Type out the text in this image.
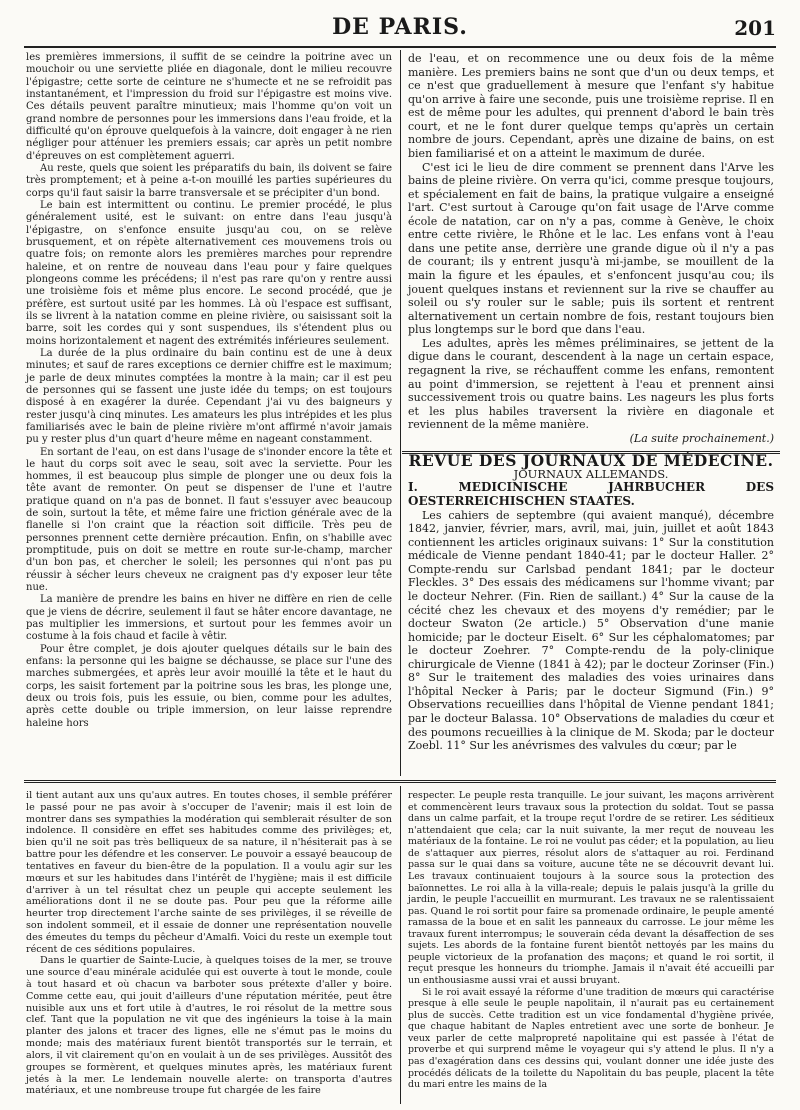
DE PARIS.	201

les premières immersions, il suffit de se ceindre la poitrine avec un mouchoir ou une serviette pliée en diagonale, dont le milieu recouvre l'épigastre; cette sorte de ceinture ne s'humecte et ne se refroidit pas instantanément, et l'impression du froid sur l'épigastre est moins vive. Ces détails peuvent paraître minutieux; mais l'homme qu'on voit un grand nombre de personnes pour les immersions dans l'eau froide, et la difficulté qu'on éprouve quelquefois à la vaincre, doit engager à ne rien négliger pour atténuer les premiers essais; car après un petit nombre d'épreuves on est complètement aguerri.

Au reste, quels que soient les préparatifs du bain, ils doivent se faire très promptement; et à peine a-t-on mouillé les parties supérieures du corps qu'il faut saisir la barre transversale et se précipiter d'un bond.

Le bain est intermittent ou continu. Le premier procédé, le plus généralement usité, est le suivant: on entre dans l'eau jusqu'à l'épigastre, on s'enfonce ensuite jusqu'au cou, on se relève brusquement, et on répète alternativement ces mouvemens trois ou quatre fois; on remonte alors les premières marches pour reprendre haleine, et on rentre de nouveau dans l'eau pour y faire quelques plongeons comme les précédens; il n'est pas rare qu'on y rentre aussi une troisième fois et même plus encore. Le second procédé, que je préfère, est surtout usité par les hommes. Là où l'espace est suffisant, ils se livrent à la natation comme en pleine rivière, ou saisissant soit la barre, soit les cordes qui y sont suspendues, ils s'étendent plus ou moins horizontalement et nagent des extrémités inférieures seulement.

La durée de la plus ordinaire du bain continu est de une à deux minutes; et sauf de rares exceptions ce dernier chiffre est le maximum; je parle de deux minutes comptées la montre à la main; car il est peu de personnes qui se fassent une juste idée du temps; on est toujours disposé à en exagérer la durée. Cependant j'ai vu des baigneurs y rester jusqu'à cinq minutes. Les amateurs les plus intrépides et les plus familiarisés avec le bain de pleine rivière m'ont affirmé n'avoir jamais pu y rester plus d'un quart d'heure même en nageant constamment.

En sortant de l'eau, on est dans l'usage de s'inonder encore la tête et le haut du corps soit avec le seau, soit avec la serviette. Pour les hommes, il est beaucoup plus simple de plonger une ou deux fois la tête avant de remonter. On peut se dispenser de l'une et l'autre pratique quand on n'a pas de bonnet. Il faut s'essuyer avec beaucoup de soin, surtout la tête, et même faire une friction générale avec de la flanelle si l'on craint que la réaction soit difficile. Très peu de personnes prennent cette dernière précaution. Enfin, on s'habille avec promptitude, puis on doit se mettre en route sur-le-champ, marcher d'un bon pas, et chercher le soleil; les personnes qui n'ont pas pu réussir à sécher leurs cheveux ne craignent pas d'y exposer leur tête nue.

La manière de prendre les bains en hiver ne diffère en rien de celle que je viens de décrire, seulement il faut se hâter encore davantage, ne pas multiplier les immersions, et surtout pour les femmes avoir un costume à la fois chaud et facile à vêtir.

Pour être complet, je dois ajouter quelques détails sur le bain des enfans: la personne qui les baigne se déchausse, se place sur l'une des marches submergées, et après leur avoir mouillé la tête et le haut du corps, les saisit fortement par la poitrine sous les bras, les plonge une, deux ou trois fois, puis les essuie, ou bien, comme pour les adultes, après cette double ou triple immersion, on leur laisse reprendre haleine hors

de l'eau, et on recommence une ou deux fois de la même manière. Les premiers bains ne sont que d'un ou deux temps, et ce n'est que graduellement à mesure que l'enfant s'y habitue qu'on arrive à faire une seconde, puis une troisième reprise. Il en est de même pour les adultes, qui prennent d'abord le bain très court, et ne le font durer quelque temps qu'après un certain nombre de jours. Cependant, après une dizaine de bains, on est bien familiarisé et on a atteint le maximum de durée.

C'est ici le lieu de dire comment se prennent dans l'Arve les bains de pleine rivière. On verra qu'ici, comme presque toujours, et spécialement en fait de bains, la pratique vulgaire a enseigné l'art. C'est surtout à Carouge qu'on fait usage de l'Arve comme école de natation, car on n'y a pas, comme à Genève, le choix entre cette rivière, le Rhône et le lac. Les enfans vont à l'eau dans une petite anse, derrière une grande digue où il n'y a pas de courant; ils y entrent jusqu'à mi-jambe, se mouillent de la main la figure et les épaules, et s'enfoncent jusqu'au cou; ils jouent quelques instans et reviennent sur la rive se chauffer au soleil ou s'y rouler sur le sable; puis ils sortent et rentrent alternativement un certain nombre de fois, restant toujours bien plus longtemps sur le bord que dans l'eau.

Les adultes, après les mêmes préliminaires, se jettent de la digue dans le courant, descendent à la nage un certain espace, regagnent la rive, se réchauffent comme les enfans, remontent au point d'immersion, se rejettent à l'eau et prennent ainsi successivement trois ou quatre bains. Les nageurs les plus forts et les plus habiles traversent la rivière en diagonale et reviennent de la même manière.

(La suite prochainement.)

REVUE DES JOURNAUX DE MÉDECINE.

JOURNAUX ALLEMANDS.

I. MEDICINISCHE JAHRBUCHER DES OESTERREICHISCHEN STAATES.

Les cahiers de septembre (qui avaient manqué), décembre 1842, janvier, février, mars, avril, mai, juin, juillet et août 1843 contiennent les articles originaux suivans: 1° Sur la constitution médicale de Vienne pendant 1840-41; par le docteur Haller. 2° Compte-rendu sur Carlsbad pendant 1841; par le docteur Fleckles. 3° Des essais des médicamens sur l'homme vivant; par le docteur Nehrer. (Fin. Rien de saillant.) 4° Sur la cause de la cécité chez les chevaux et des moyens d'y remédier; par le docteur Swaton (2e article.) 5° Observation d'une manie homicide; par le docteur Eiselt. 6° Sur les céphalomatomes; par le docteur Zoehrer. 7° Compte-rendu de la poly-clinique chirurgicale de Vienne (1841 à 42); par le docteur Zorinser (Fin.) 8° Sur le traitement des maladies des voies urinaires dans l'hôpital Necker à Paris; par le docteur Sigmund (Fin.) 9° Observations recueillies dans l'hôpital de Vienne pendant 1841; par le docteur Balassa. 10° Observations de maladies du cœur et des poumons recueillies à la clinique de M. Skoda; par le docteur Zoebl. 11° Sur les anévrismes des valvules du cœur; par le

il tient autant aux uns qu'aux autres. En toutes choses, il semble préférer le passé pour ne pas avoir à s'occuper de l'avenir; mais il est loin de montrer dans ses sympathies la modération qui semblerait résulter de son indolence. Il considère en effet ses habitudes comme des privilèges; et, bien qu'il ne soit pas très belliqueux de sa nature, il n'hésiterait pas à se battre pour les défendre et les conserver. Le pouvoir a essayé beaucoup de tentatives en faveur du bien-être de la population. Il a voulu agir sur les mœurs et sur les habitudes dans l'intérêt de l'hygiène; mais il est difficile d'arriver à un tel résultat chez un peuple qui accepte seulement les améliorations dont il ne se doute pas. Pour peu que la réforme aille heurter trop directement l'arche sainte de ses privilèges, il se réveille de son indolent sommeil, et il essaie de donner une représentation nouvelle des émeutes du temps du pêcheur d'Amalfi. Voici du reste un exemple tout récent de ces séditions populaires.

Dans le quartier de Sainte-Lucie, à quelques toises de la mer, se trouve une source d'eau minérale acidulée qui est ouverte à tout le monde, coule à tout hasard et où chacun va barboter sous prétexte d'aller y boire. Comme cette eau, qui jouit d'ailleurs d'une réputation méritée, peut être nuisible aux uns et fort utile à d'autres, le roi résolut de la mettre sous clef. Tant que la population ne vit que des ingénieurs la toise à la main planter des jalons et tracer des lignes, elle ne s'émut pas le moins du monde; mais des matériaux furent bientôt transportés sur le terrain, et alors, il vit clairement qu'on en voulait à un de ses privilèges. Aussitôt des groupes se formèrent, et quelques minutes après, les matériaux furent jetés à la mer. Le lendemain nouvelle alerte: on transporta d'autres matériaux, et une nombreuse troupe fut chargée de les faire

respecter. Le peuple resta tranquille. Le jour suivant, les maçons arrivèrent et commencèrent leurs travaux sous la protection du soldat. Tout se passa dans un calme parfait, et la troupe reçut l'ordre de se retirer. Les séditieux n'attendaient que cela; car la nuit suivante, la mer reçut de nouveau les matériaux de la fontaine. Le roi ne voulut pas céder; et la population, au lieu de s'attaquer aux pierres, résolut alors de s'attaquer au roi. Ferdinand passa sur le quai dans sa voiture, aucune tête ne se découvrit devant lui. Les travaux continuaient toujours à la source sous la protection des baïonnettes. Le roi alla à la villa-reale; depuis le palais jusqu'à la grille du jardin, le peuple l'accueillit en murmurant. Les travaux ne se ralentissaient pas. Quand le roi sortit pour faire sa promenade ordinaire, le peuple amenté ramassa de la boue et en salit les panneaux du carrosse. Le jour même les travaux furent interrompus; le souverain céda devant la désaffection de ses sujets. Les abords de la fontaine furent bientôt nettoyés par les mains du peuple victorieux de la profanation des maçons; et quand le roi sortit, il reçut presque les honneurs du triomphe. Jamais il n'avait été accueilli par un enthousiasme aussi vrai et aussi bruyant.

Si le roi avait essayé la réforme d'une tradition de mœurs qui caractérise presque à elle seule le peuple napolitain, il n'aurait pas eu certainement plus de succès. Cette tradition est un vice fondamental d'hygiène privée, que chaque habitant de Naples entretient avec une sorte de bonheur. Je veux parler de cette malpropreté napolitaine qui est passée à l'état de proverbe et qui surprend même le voyageur qui s'y attend le plus. Il n'y a pas d'exagération dans ces dessins qui, voulant donner une idée juste des procédés délicats de la toilette du Napolitain du bas peuple, placent la tête du mari entre les mains de la
